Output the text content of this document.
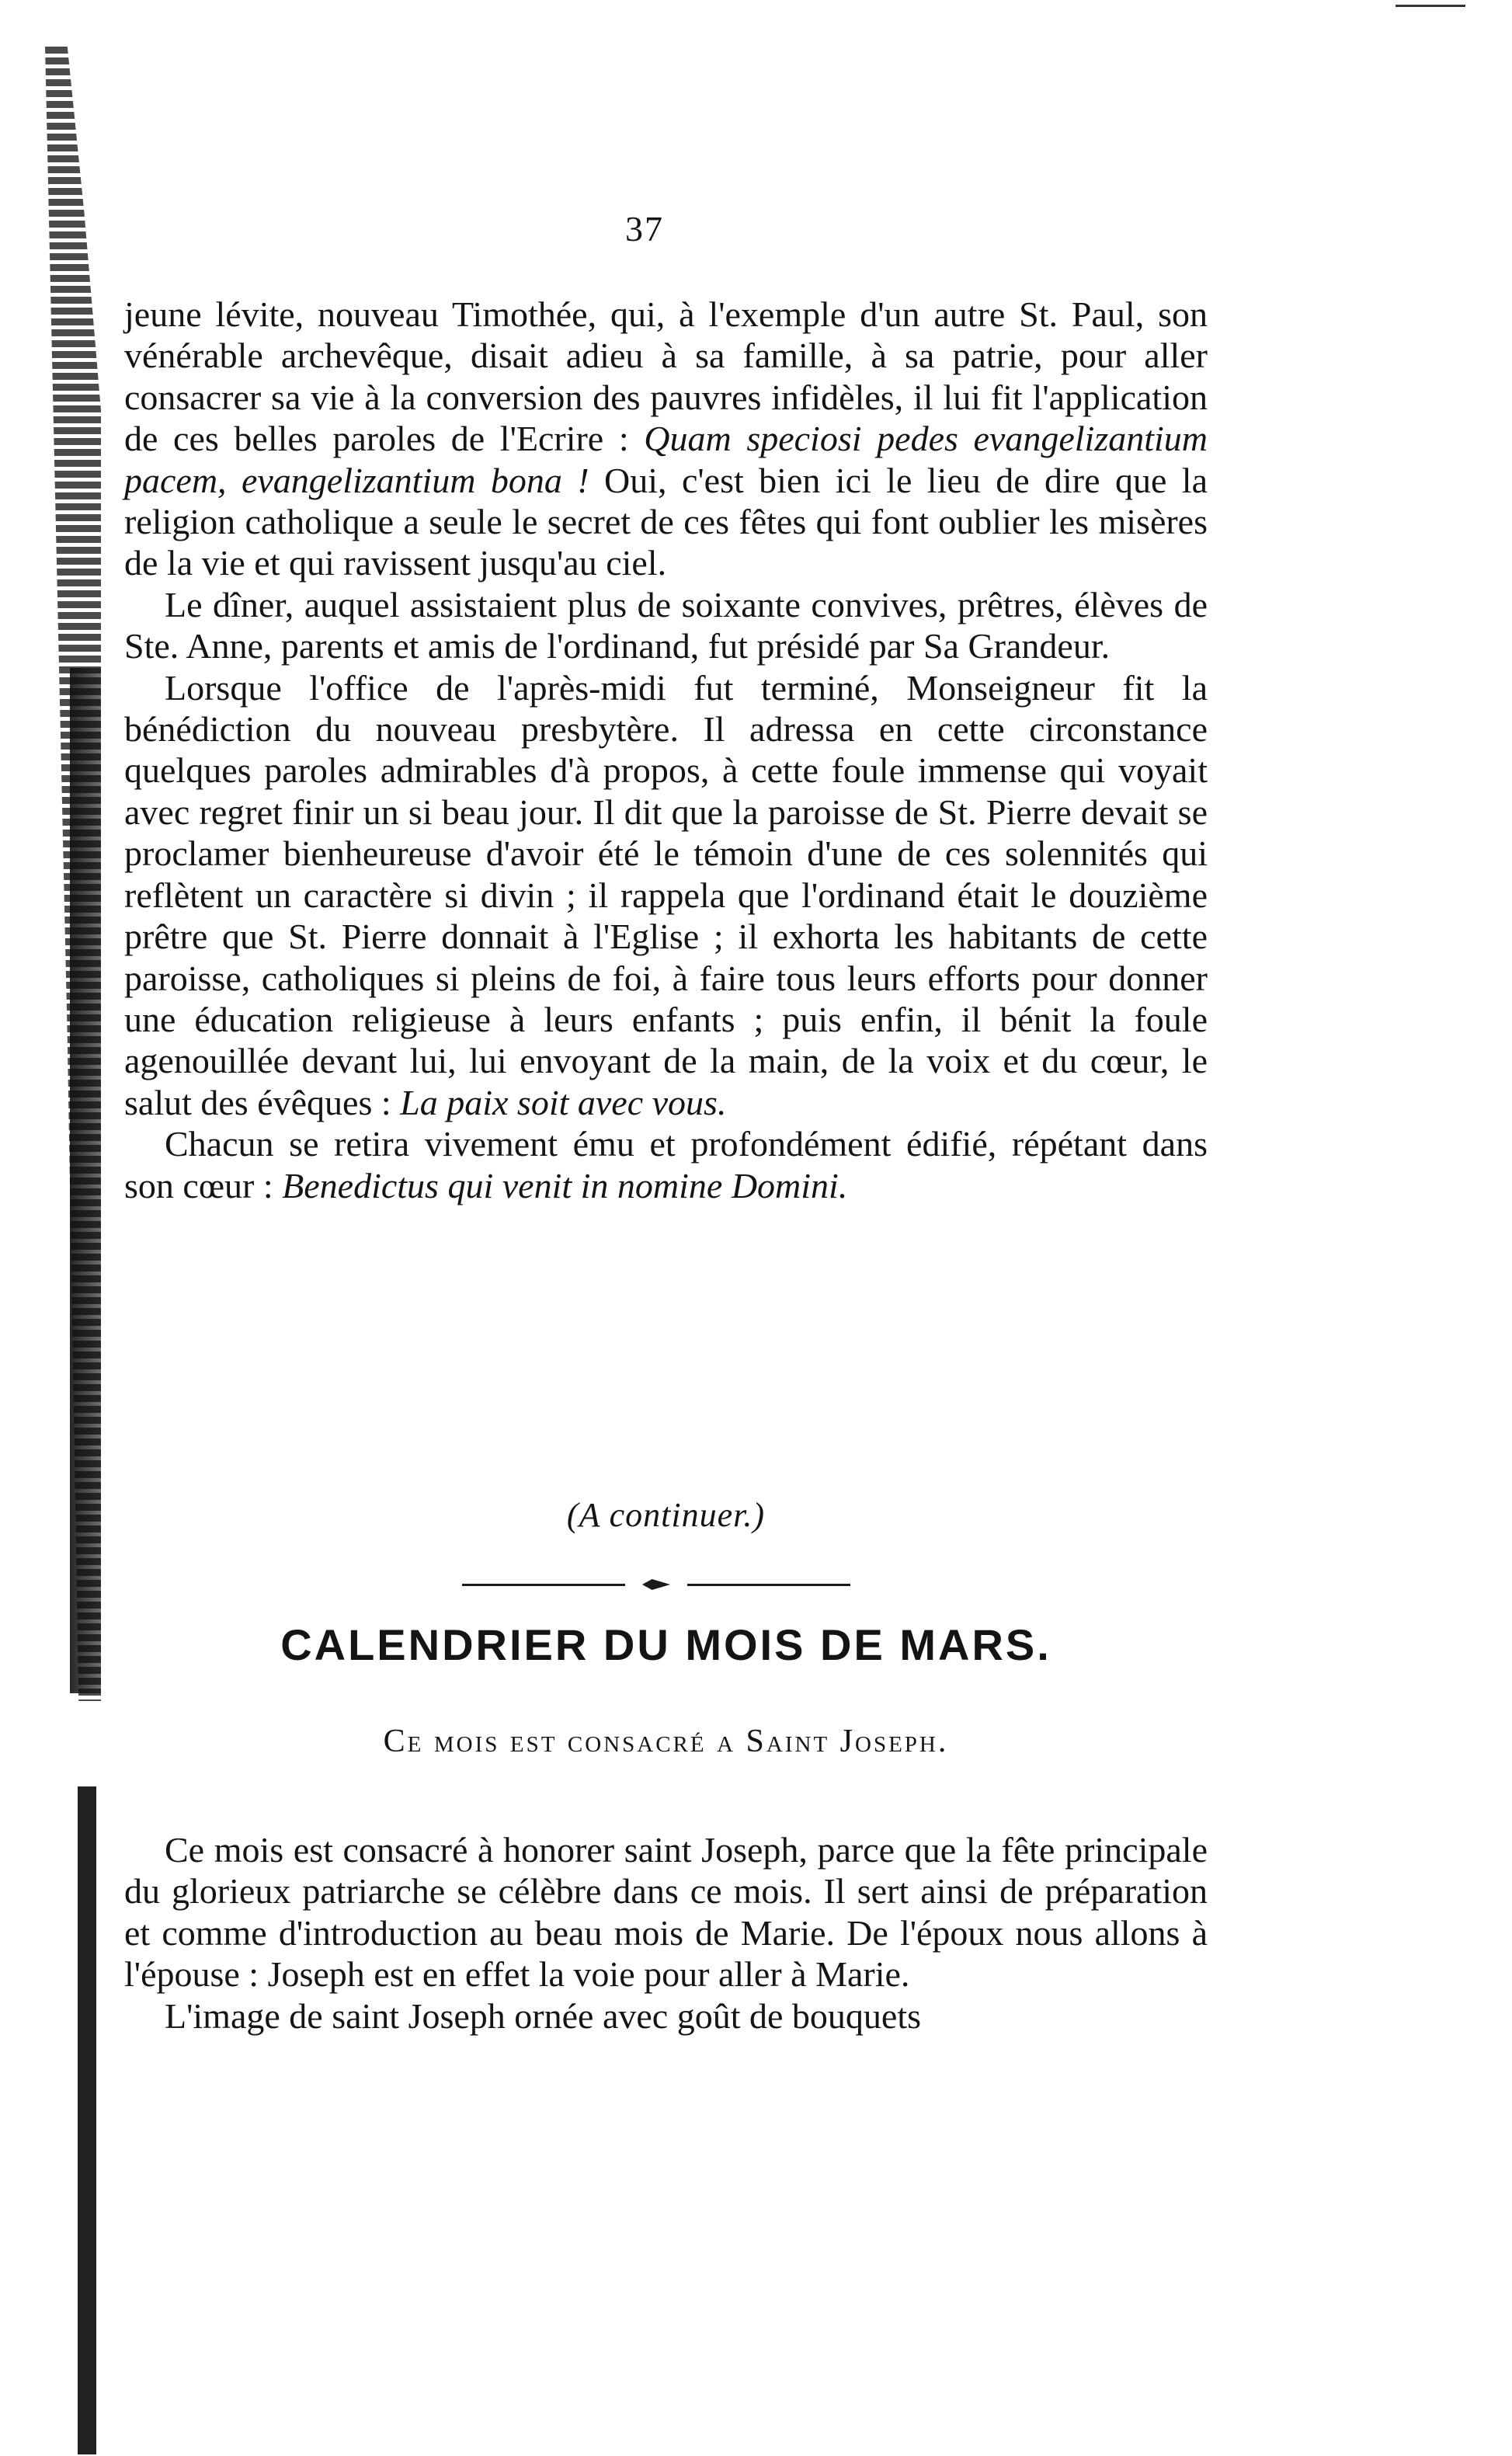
37

jeune lévite, nouveau Timothée, qui, à l'exemple d'un autre St. Paul, son vénérable archevêque, disait adieu à sa famille, à sa patrie, pour aller consacrer sa vie à la conversion des pauvres infidèles, il lui fit l'application de ces belles paroles de l'Ecrire : Quam speciosi pedes evangelizantium pacem, evangelizantium bona ! Oui, c'est bien ici le lieu de dire que la religion catholique a seule le secret de ces fêtes qui font oublier les misères de la vie et qui ravissent jusqu'au ciel.

Le dîner, auquel assistaient plus de soixante convives, prêtres, élèves de Ste. Anne, parents et amis de l'ordinand, fut présidé par Sa Grandeur.

Lorsque l'office de l'après-midi fut terminé, Monseigneur fit la bénédiction du nouveau presbytère. Il adressa en cette circonstance quelques paroles admirables d'à propos, à cette foule immense qui voyait avec regret finir un si beau jour. Il dit que la paroisse de St. Pierre devait se proclamer bienheureuse d'avoir été le témoin d'une de ces solennités qui reflètent un caractère si divin ; il rappela que l'ordinand était le douzième prêtre que St. Pierre donnait à l'Eglise ; il exhorta les habitants de cette paroisse, catholiques si pleins de foi, à faire tous leurs efforts pour donner une éducation religieuse à leurs enfants ; puis enfin, il bénit la foule agenouillée devant lui, lui envoyant de la main, de la voix et du cœur, le salut des évêques : La paix soit avec vous.

Chacun se retira vivement ému et profondément édifié, répétant dans son cœur : Benedictus qui venit in nomine Domini.

(A continuer.)
CALENDRIER DU MOIS DE MARS.
Ce mois est consacré a Saint Joseph.

Ce mois est consacré à honorer saint Joseph, parce que la fête principale du glorieux patriarche se célèbre dans ce mois. Il sert ainsi de préparation et comme d'introduction au beau mois de Marie. De l'époux nous allons à l'épouse : Joseph est en effet la voie pour aller à Marie.

L'image de saint Joseph ornée avec goût de bouquets
